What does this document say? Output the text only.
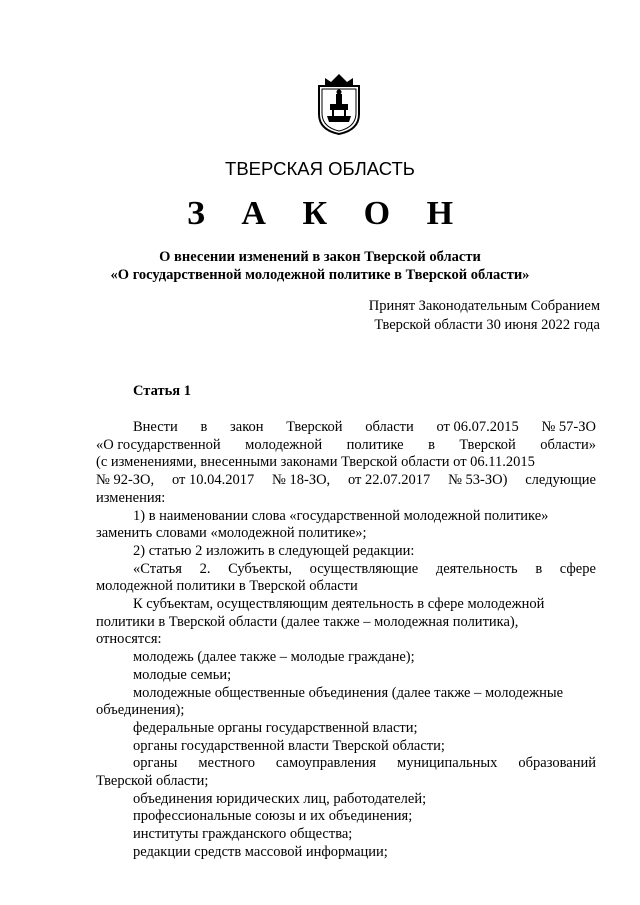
ТВЕРСКАЯ ОБЛАСТЬ
З А К О Н
О внесении изменений в закон Тверской области
«О государственной молодежной политике в Тверской области»
Принят Законодательным Собранием
Тверской области 30 июня 2022 года
Статья 1
Внести в закон Тверской области от 06.07.2015 № 57-ЗО
«О государственной молодежной политике в Тверской области»
(с изменениями, внесенными законами Тверской области от 06.11.2015
№ 92-ЗО, от 10.04.2017 № 18-ЗО, от 22.07.2017 № 53-ЗО) следующие
изменения:
1) в наименовании слова «государственной молодежной политике»
заменить словами «молодежной политике»;
2) статью 2 изложить в следующей редакции:
«Статья 2. Субъекты, осуществляющие деятельность в сфере
молодежной политики в Тверской области
К субъектам, осуществляющим деятельность в сфере молодежной
политики в Тверской области (далее также – молодежная политика),
относятся:
молодежь (далее также – молодые граждане);
молодые семьи;
молодежные общественные объединения (далее также – молодежные
объединения);
федеральные органы государственной власти;
органы государственной власти Тверской области;
органы местного самоуправления муниципальных образований
Тверской области;
объединения юридических лиц, работодателей;
профессиональные союзы и их объединения;
институты гражданского общества;
редакции средств массовой информации;
